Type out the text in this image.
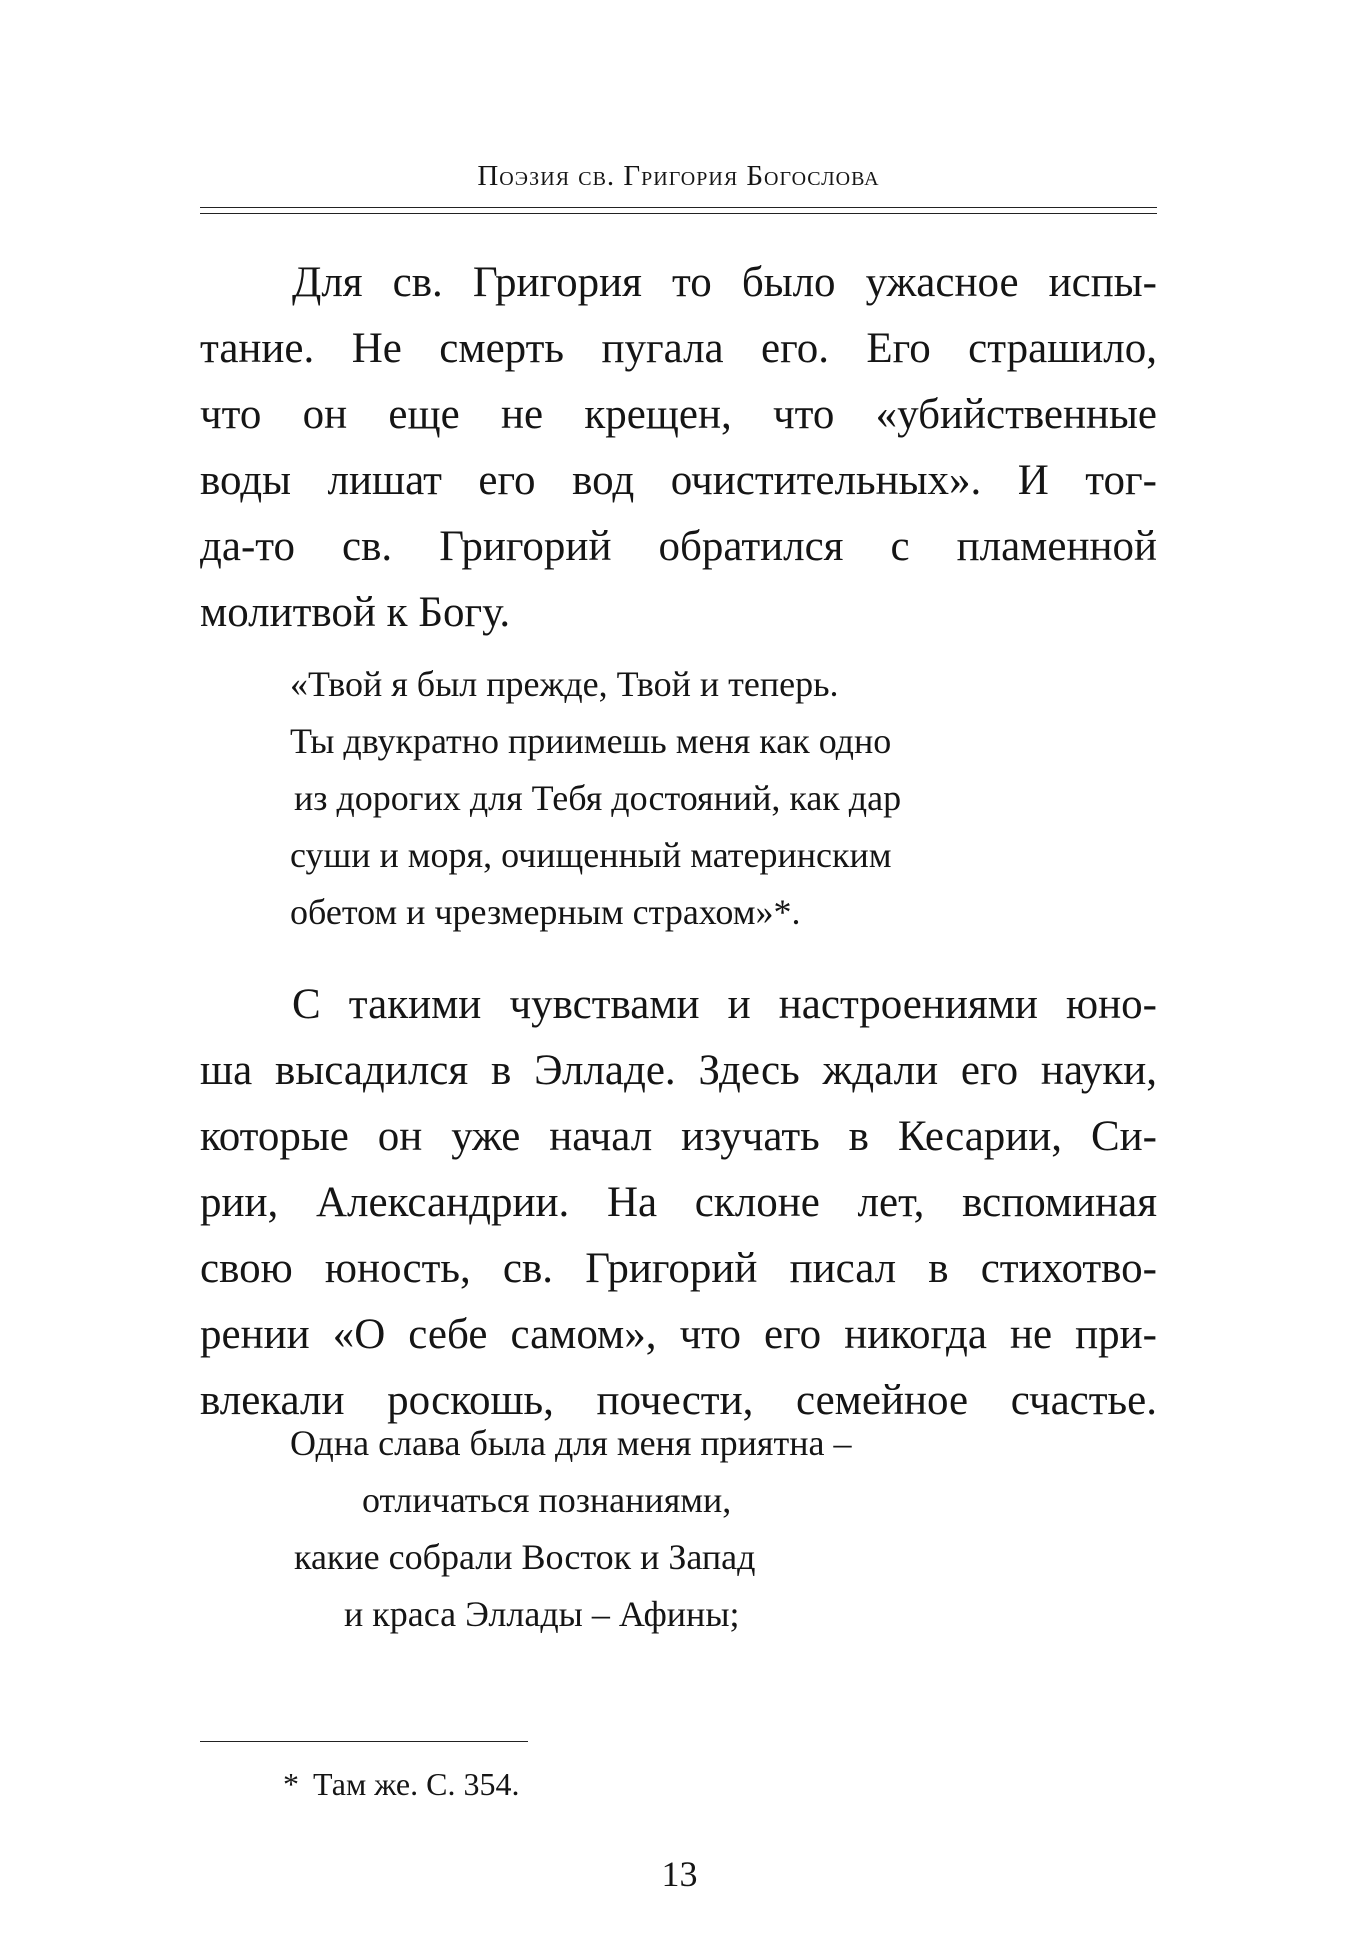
Поэзия св. Григория Богослова
Для св. Григория то было ужасное испы-
тание. Не смерть пугала его. Его страшило,
что он еще не крещен, что «убийственные
воды лишат его вод очистительных». И тог-
да-то св. Григорий обратился с пламенной
молитвой к Богу.
«Твой я был прежде, Твой и теперь.
Ты двукратно приимешь меня как одно
из дорогих для Тебя достояний, как дар
суши и моря, очищенный материнским
обетом и чрезмерным страхом»*.
С такими чувствами и настроениями юно-
ша высадился в Элладе. Здесь ждали его науки,
которые он уже начал изучать в Кесарии, Си-
рии, Александрии. На склоне лет, вспоминая
свою юность, св. Григорий писал в стихотво-
рении «О себе самом», что его никогда не при-
влекали роскошь, почести, семейное счастье.
Одна слава была для меня приятна –
отличаться познаниями,
какие собрали Восток и Запад
и краса Эллады – Афины;
* Там же. С. 354.
13
